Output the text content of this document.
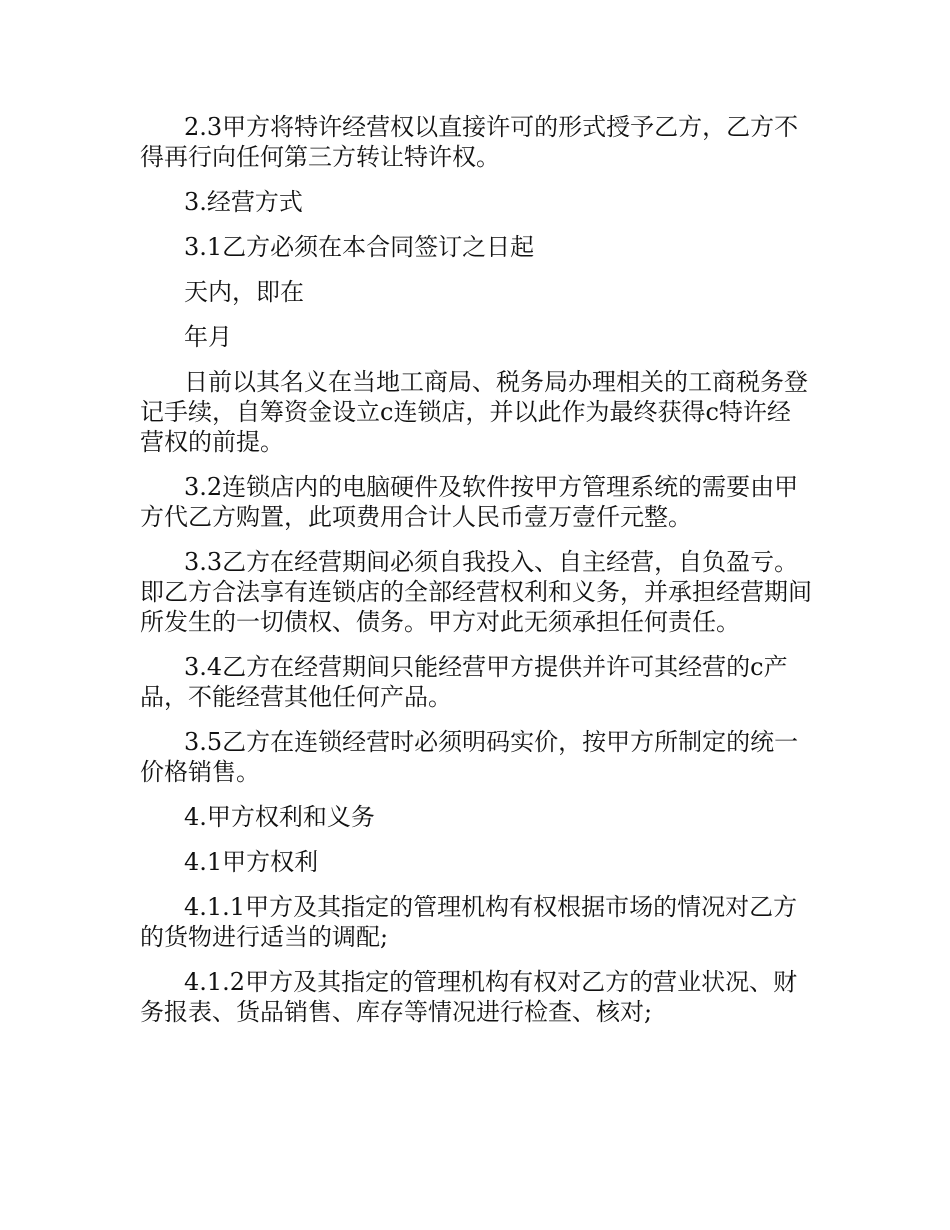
2.3甲方将特许经营权以直接许可的形式授予乙方，乙方不得再行向任何第三方转让特许权。

3.经营方式

3.1乙方必须在本合同签订之日起

天内，即在

年月

日前以其名义在当地工商局、税务局办理相关的工商税务登记手续，自筹资金设立c连锁店，并以此作为最终获得c特许经营权的前提。

3.2连锁店内的电脑硬件及软件按甲方管理系统的需要由甲方代乙方购置，此项费用合计人民币壹万壹仟元整。

3.3乙方在经营期间必须自我投入、自主经营，自负盈亏。即乙方合法享有连锁店的全部经营权利和义务，并承担经营期间所发生的一切债权、债务。甲方对此无须承担任何责任。

3.4乙方在经营期间只能经营甲方提供并许可其经营的c产品，不能经营其他任何产品。

3.5乙方在连锁经营时必须明码实价，按甲方所制定的统一价格销售。

4.甲方权利和义务

4.1甲方权利

4.1.1甲方及其指定的管理机构有权根据市场的情况对乙方的货物进行适当的调配;

4.1.2甲方及其指定的管理机构有权对乙方的营业状况、财务报表、货品销售、库存等情况进行检查、核对;
